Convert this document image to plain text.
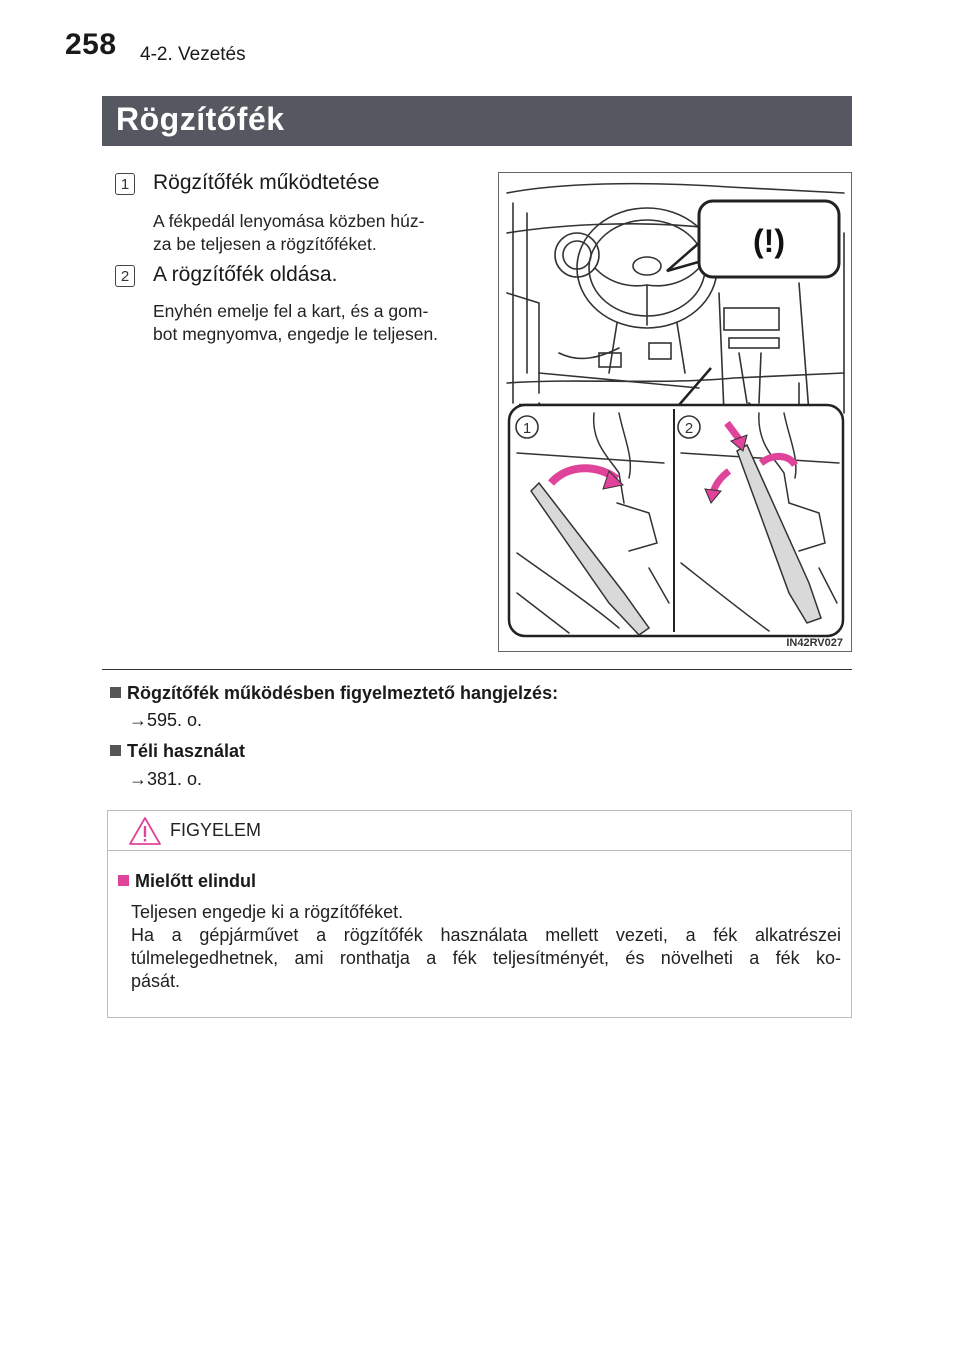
258 4-2. Vezetés
Rögzítőfék
1 Rögzítőfék működtetése
A fékpedál lenyomása közben húz-
za be teljesen a rögzítőféket.
2 A rögzítőfék oldása.
Enyhén emelje fel a kart, és a gom-
bot megnyomva, engedje le teljesen.
(!)
1	2
IN42RV027
Rögzítőfék működésben figyelmeztető hangjelzés:
→595. o.
Téli használat
→381. o.
FIGYELEM
Mielőtt elindul
Teljesen engedje ki a rögzítőféket.
Ha a gépjárművet a rögzítőfék használata mellett vezeti, a fék alkatrészei
túlmelegedhetnek, ami ronthatja a fék teljesítményét, és növelheti a fék ko-
pását.
